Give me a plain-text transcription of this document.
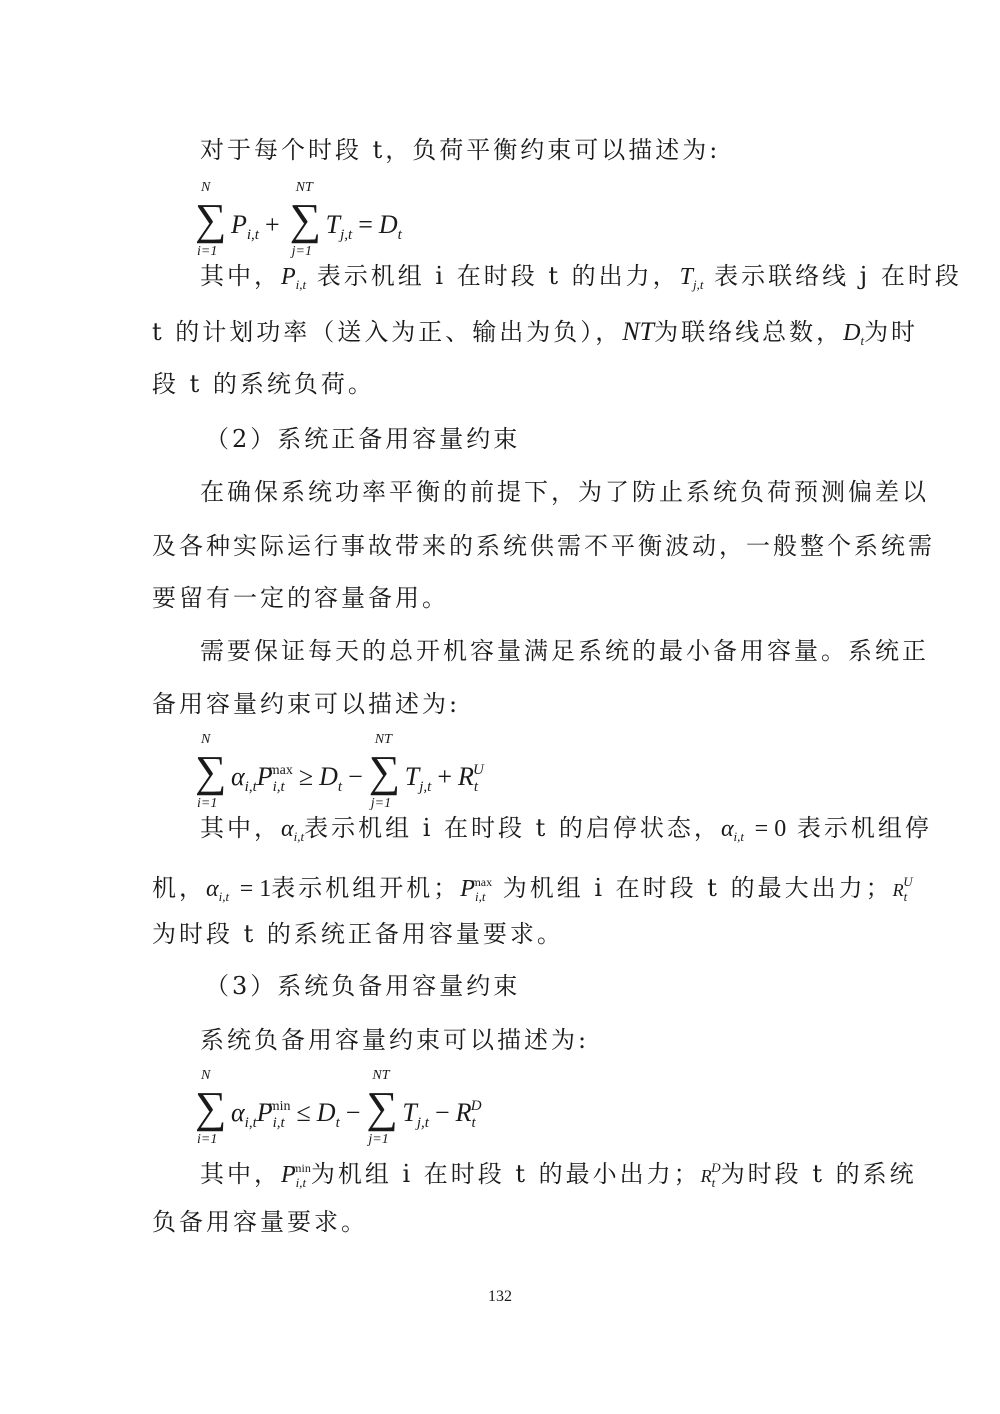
对于每个时段 t，负荷平衡约束可以描述为:
N
∑
i=1
$P_{i,t}$ +
NT
∑
j=1
$T_{j,t} = D_t$
其中，$P_{i,t}$ 表示机组 i 在时段 t 的出力，$T_{j,t}$ 表示联络线 j 在时段
t 的计划功率（送入为正、输出为负），NT为联络线总数，$D_t$为时
段 t 的系统负荷。
（2）系统正备用容量约束
在确保系统功率平衡的前提下，为了防止系统负荷预测偏差以
及各种实际运行事故带来的系统供需不平衡波动，一般整个系统需
要留有一定的容量备用。
需要保证每天的总开机容量满足系统的最小备用容量。系统正
备用容量约束可以描述为:
N
∑
i=1
$\alpha_{i,t}P_{i,t}^{max} \ge D_t$ −
NT
∑
j=1
$T_{j,t} + R_t^U$
其中，$\alpha_{i,t}$表示机组 i 在时段 t 的启停状态，$\alpha_{i,t} = 0$ 表示机组停
机，$\alpha_{i,t} = 1$表示机组开机；$P_{i,t}^{max}$ 为机组 i 在时段 t 的最大出力；$R_t^U$
为时段 t 的系统正备用容量要求。
（3）系统负备用容量约束
系统负备用容量约束可以描述为:
N
∑
i=1
$\alpha_{i,t}P_{i,t}^{min} \le D_t$ −
NT
∑
j=1
$T_{j,t} - R_t^D$
其中，$P_{i,t}^{min}$为机组 i 在时段 t 的最小出力；$R_t^D$为时段 t 的系统
负备用容量要求。
132
